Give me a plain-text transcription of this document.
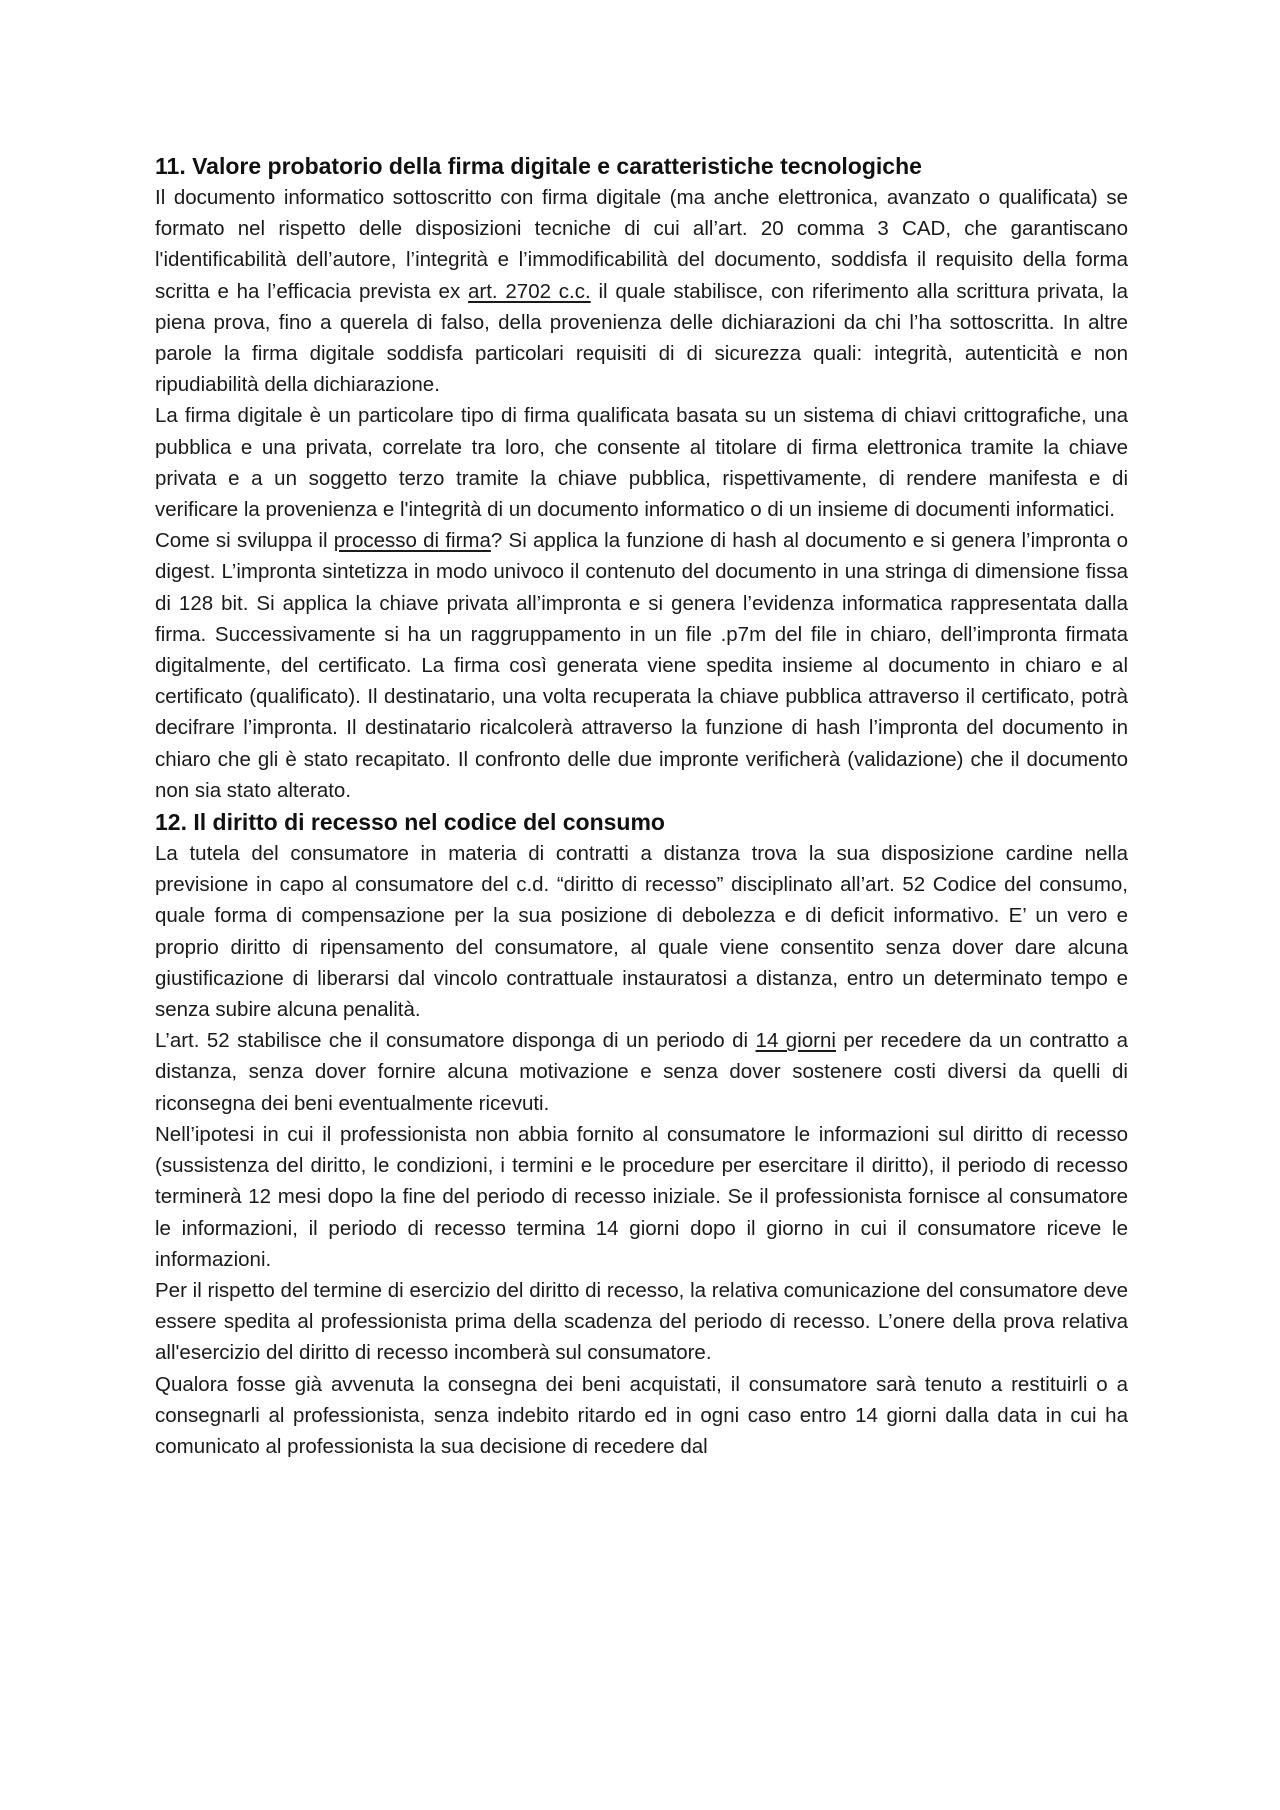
11. Valore probatorio della firma digitale e caratteristiche tecnologiche

Il documento informatico sottoscritto con firma digitale (ma anche elettronica, avanzato o qualificata) se formato nel rispetto delle disposizioni tecniche di cui all’art. 20 comma 3 CAD, che garantiscano l'identificabilità dell’autore, l’integrità e l’immodificabilità del documento, soddisfa il requisito della forma scritta e ha l’efficacia prevista ex art. 2702 c.c. il quale stabilisce, con riferimento alla scrittura privata, la piena prova, fino a querela di falso, della provenienza delle dichiarazioni da chi l’ha sottoscritta. In altre parole la firma digitale soddisfa particolari requisiti di di sicurezza quali: integrità, autenticità e non ripudiabilità della dichiarazione.

La firma digitale è un particolare tipo di firma qualificata basata su un sistema di chiavi crittografiche, una pubblica e una privata, correlate tra loro, che consente al titolare di firma elettronica tramite la chiave privata e a un soggetto terzo tramite la chiave pubblica, rispettivamente, di rendere manifesta e di verificare la provenienza e l'integrità di un documento informatico o di un insieme di documenti informatici.

Come si sviluppa il processo di firma? Si applica la funzione di hash al documento e si genera l’impronta o digest. L’impronta sintetizza in modo univoco il contenuto del documento in una stringa di dimensione fissa di 128 bit. Si applica la chiave privata all’impronta e si genera l’evidenza informatica rappresentata dalla firma. Successivamente si ha un raggruppamento in un file .p7m del file in chiaro, dell’impronta firmata digitalmente, del certificato. La firma così generata viene spedita insieme al documento in chiaro e al certificato (qualificato). Il destinatario, una volta recuperata la chiave pubblica attraverso il certificato, potrà decifrare l’impronta. Il destinatario ricalcolerà attraverso la funzione di hash l’impronta del documento in chiaro che gli è stato recapitato. Il confronto delle due impronte verificherà (validazione) che il documento non sia stato alterato.

12. Il diritto di recesso nel codice del consumo

La tutela del consumatore in materia di contratti a distanza trova la sua disposizione cardine nella previsione in capo al consumatore del c.d. “diritto di recesso” disciplinato all’art. 52 Codice del consumo, quale forma di compensazione per la sua posizione di debolezza e di deficit informativo. E’ un vero e proprio diritto di ripensamento del consumatore, al quale viene consentito senza dover dare alcuna giustificazione di liberarsi dal vincolo contrattuale instauratosi a distanza, entro un determinato tempo e senza subire alcuna penalità.

L’art. 52 stabilisce che il consumatore disponga di un periodo di 14 giorni per recedere da un contratto a distanza, senza dover fornire alcuna motivazione e senza dover sostenere costi diversi da quelli di riconsegna dei beni eventualmente ricevuti.

Nell’ipotesi in cui il professionista non abbia fornito al consumatore le informazioni sul diritto di recesso (sussistenza del diritto, le condizioni, i termini e le procedure per esercitare il diritto), il periodo di recesso terminerà 12 mesi dopo la fine del periodo di recesso iniziale. Se il professionista fornisce al consumatore le informazioni, il periodo di recesso termina 14 giorni dopo il giorno in cui il consumatore riceve le informazioni.

Per il rispetto del termine di esercizio del diritto di recesso, la relativa comunicazione del consumatore deve essere spedita al professionista prima della scadenza del periodo di recesso. L’onere della prova relativa all'esercizio del diritto di recesso incomberà sul consumatore.

Qualora fosse già avvenuta la consegna dei beni acquistati, il consumatore sarà tenuto a restituirli o a consegnarli al professionista, senza indebito ritardo ed in ogni caso entro 14 giorni dalla data in cui ha comunicato al professionista la sua decisione di recedere dal
